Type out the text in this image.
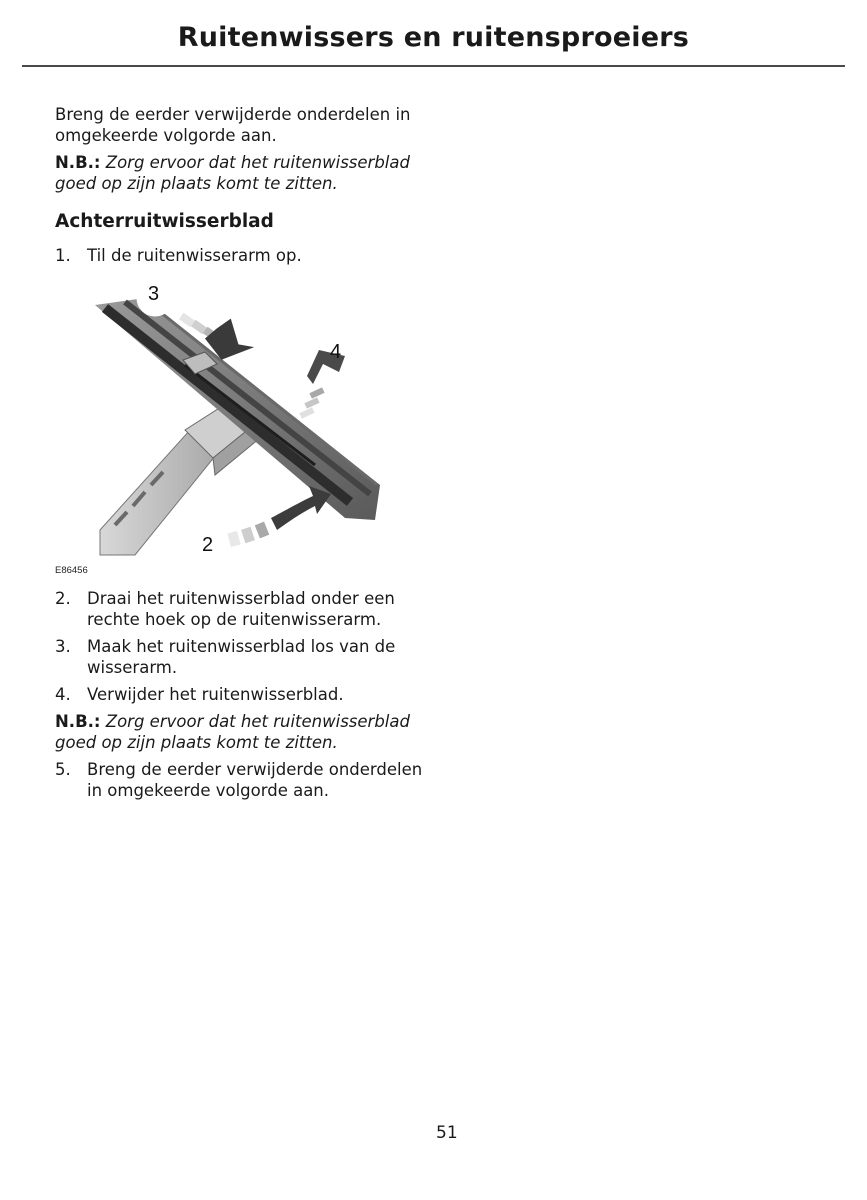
Ruitenwissers en ruitensproeiers

Breng de eerder verwijderde onderdelen in omgekeerde volgorde aan.

N.B.: Zorg ervoor dat het ruitenwisserblad goed op zijn plaats komt te zitten.

Achterruitwisserblad
1. Til de ruitenwisserarm op.
3
4
2
E86456
2. Draai het ruitenwisserblad onder een rechte hoek op de ruitenwisserarm.
3. Maak het ruitenwisserblad los van de wisserarm.
4. Verwijder het ruitenwisserblad.

N.B.: Zorg ervoor dat het ruitenwisserblad goed op zijn plaats komt te zitten.

5. Breng de eerder verwijderde onderdelen in omgekeerde volgorde aan.
51
